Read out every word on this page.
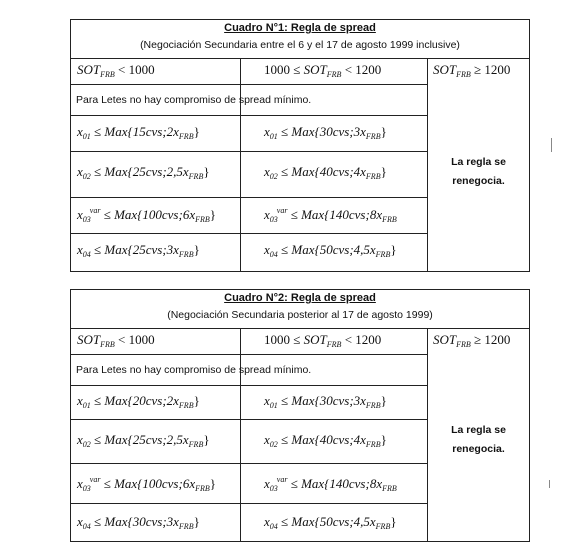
Cuadro N°1: Regla de spread
(Negociación Secundaria entre el 6 y el 17 de agosto 1999 inclusive)
$SOT_{FRB} < 1000$	$1000 \le SOT_{FRB} < 1200$	$SOT_{FRB} \ge 1200$
Para Letes no hay compromiso de spread mínimo.
$x_{01}$ ≤ $Max\{15cvs;2x_{FRB}\}$	$x_{01}$ ≤ $Max\{30cvs;3x_{FRB}\}$
$x_{02}$ ≤ $Max\{25cvs;2,5x_{FRB}\}$	$x_{02}$ ≤ $Max\{40cvs;4x_{FRB}\}$
$x_{03}^{var}$ ≤ $Max\{100cvs;6x_{FRB}\}$	$x_{03}^{var}$ ≤ $Max\{140cvs;8x_{FRB}$
$x_{04}$ ≤ $Max\{25cvs;3x_{FRB}\}$	$x_{04}$ ≤ $Max\{50cvs;4,5x_{FRB}\}$
La regla se
renegocia.
Cuadro N°2: Regla de spread
(Negociación Secundaria posterior al 17 de agosto 1999)
$SOT_{FRB} < 1000$	$1000 \le SOT_{FRB} < 1200$	$SOT_{FRB} \ge 1200$
Para Letes no hay compromiso de spread mínimo.
$x_{01}$ ≤ $Max\{20cvs;2x_{FRB}\}$	$x_{01}$ ≤ $Max\{30cvs;3x_{FRB}\}$
$x_{02}$ ≤ $Max\{25cvs;2,5x_{FRB}\}$	$x_{02}$ ≤ $Max\{40cvs;4x_{FRB}\}$
$x_{03}^{var}$ ≤ $Max\{100cvs;6x_{FRB}\}$	$x_{03}^{var}$ ≤ $Max\{140cvs;8x_{FRB}$
$x_{04}$ ≤ $Max\{30cvs;3x_{FRB}\}$	$x_{04}$ ≤ $Max\{50cvs;4,5x_{FRB}\}$
La regla se
renegocia.
